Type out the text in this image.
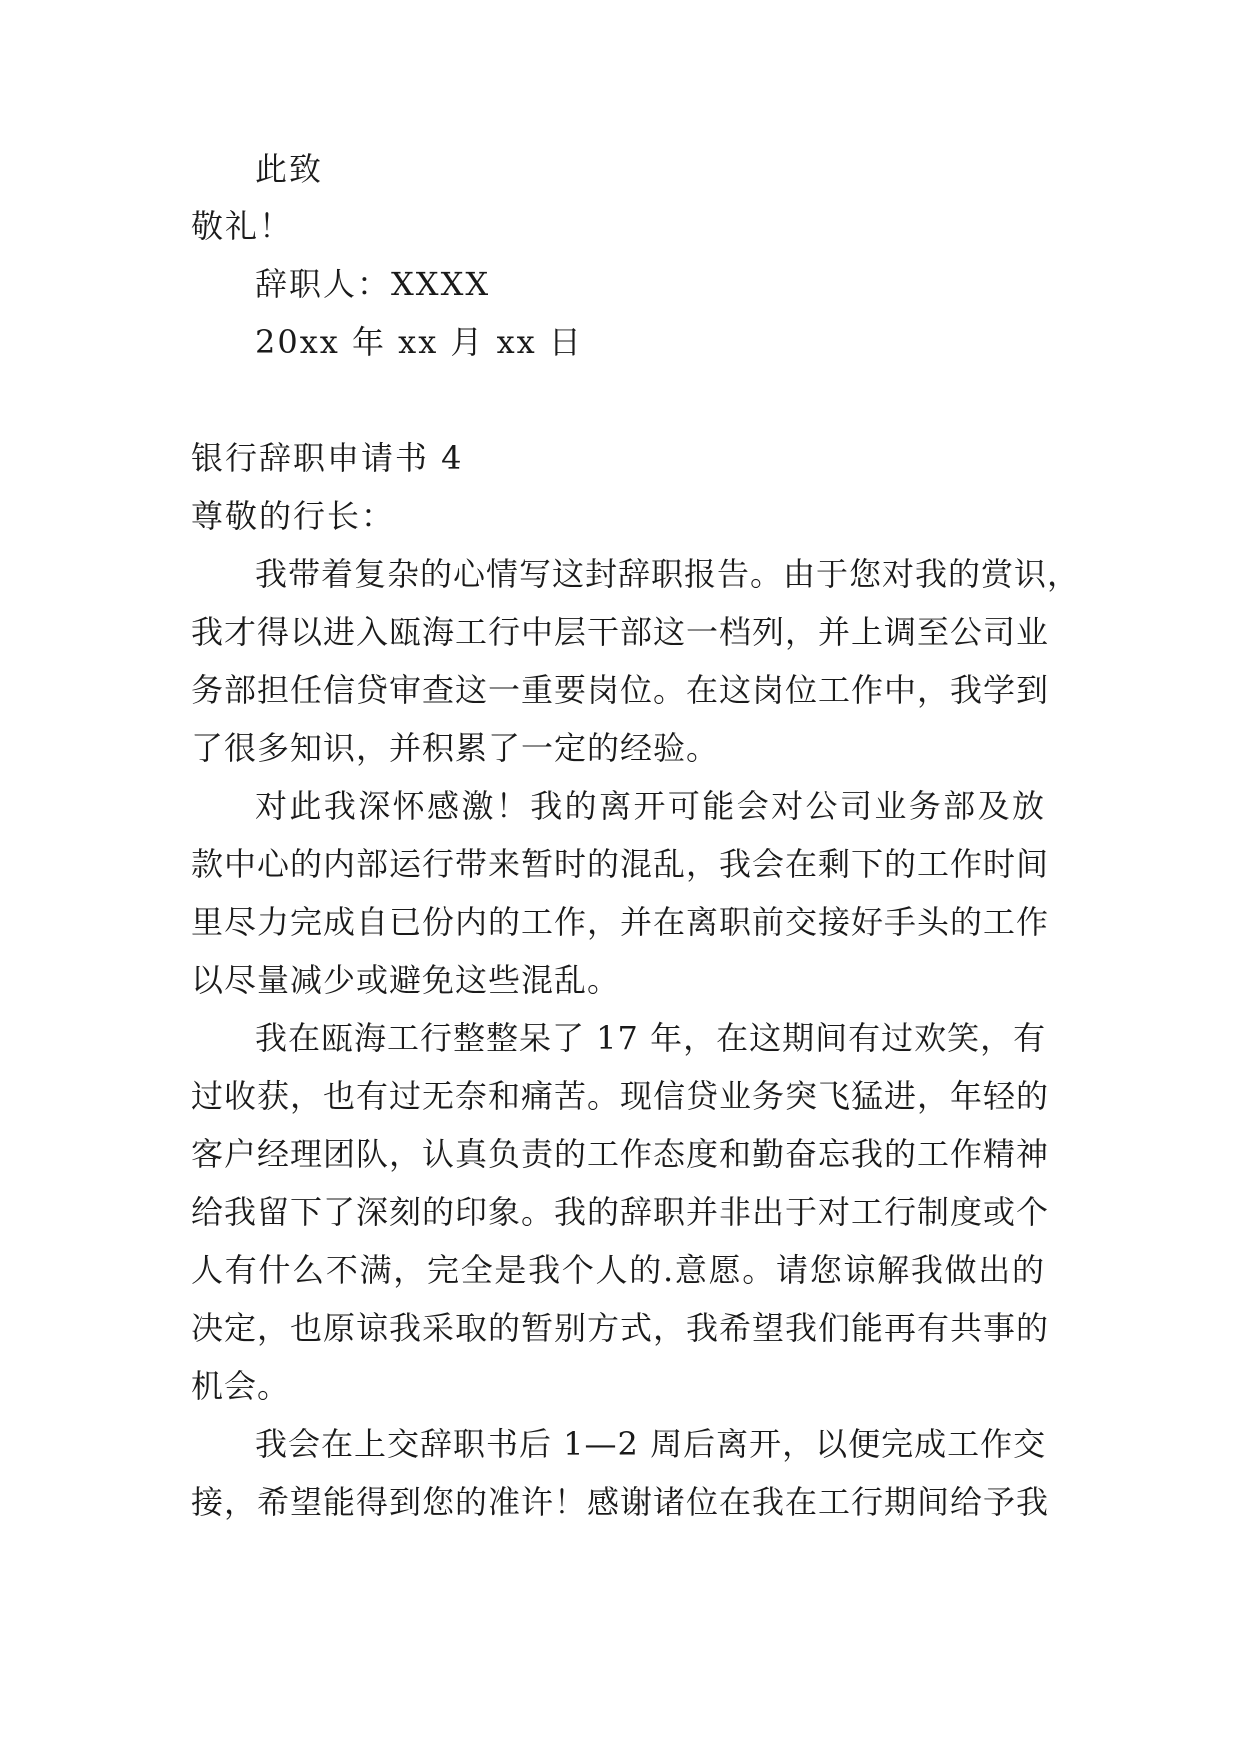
此致
敬礼！
辞职人：XXXX
20xx 年 xx 月 xx 日
银行辞职申请书 4
尊敬的行长：
我带着复杂的心情写这封辞职报告。由于您对我的赏识，
我才得以进入瓯海工行中层干部这一档列，并上调至公司业
务部担任信贷审查这一重要岗位。在这岗位工作中，我学到
了很多知识，并积累了一定的经验。
对此我深怀感激！我的离开可能会对公司业务部及放
款中心的内部运行带来暂时的混乱，我会在剩下的工作时间
里尽力完成自已份内的工作，并在离职前交接好手头的工作
以尽量减少或避免这些混乱。
我在瓯海工行整整呆了 17 年，在这期间有过欢笑，有
过收获，也有过无奈和痛苦。现信贷业务突飞猛进，年轻的
客户经理团队，认真负责的工作态度和勤奋忘我的工作精神
给我留下了深刻的印象。我的辞职并非出于对工行制度或个
人有什么不满，完全是我个人的.意愿。请您谅解我做出的
决定，也原谅我采取的暂别方式，我希望我们能再有共事的
机会。
我会在上交辞职书后 1—2 周后离开，以便完成工作交
接，希望能得到您的准许！感谢诸位在我在工行期间给予我
